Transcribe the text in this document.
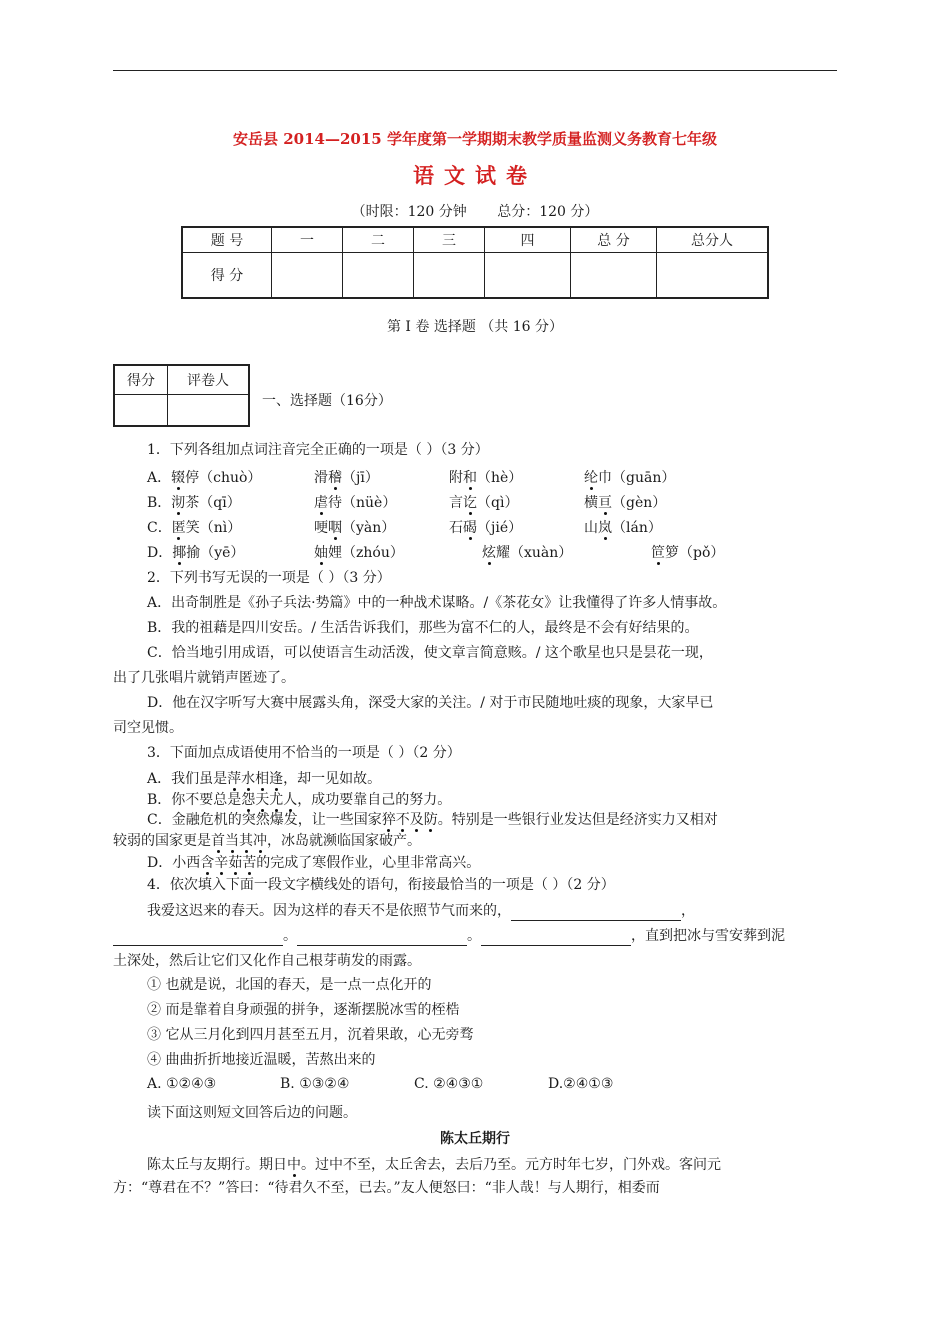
安岳县 2014—2015 学年度第一学期期末教学质量监测义务教育七年级
语文试卷
（时限：120 分钟 总分：120 分）
题 号	一	二	三	四	总 分	总分人
得 分						
第 I 卷 选择题 （共 16 分）
得分	评卷人

一、选择题（16分）
1．下列各组加点词注音完全正确的一项是（ ）（3 分）
A．辍停（chuò）	滑稽（jī）	附和（hè）	纶巾（guān）
B．沏茶（qī）	虐待（nüè）	言讫（qì）	横亘（gèn）
C．匿笑（nì）	哽咽（yàn）	石碣（jié）	山岚（lán）
D．揶揄（yē）	妯娌（zhóu）	炫耀（xuàn）	笸箩（pǒ）
2．下列书写无误的一项是（ ）（3 分）
A．出奇制胜是《孙子兵法·势篇》中的一种战术谋略。/《茶花女》让我懂得了许多人情事故。
B．我的祖藉是四川安岳。/ 生活告诉我们，那些为富不仁的人，最终是不会有好结果的。
C．恰当地引用成语，可以使语言生动活泼，使文章言简意赅。/ 这个歌星也只是昙花一现，
出了几张唱片就销声匿迹了。
D．他在汉字听写大赛中展露头角，深受大家的关注。/ 对于市民随地吐痰的现象，大家早已
司空见惯。
3．下面加点成语使用不恰当的一项是（ ）（2 分）
A．我们虽是萍水相逢，却一见如故。
B．你不要总是怨天尤人，成功要靠自己的努力。
C．金融危机的突然爆发，让一些国家猝不及防。特别是一些银行业发达但是经济实力又相对
较弱的国家更是首当其冲，冰岛就濒临国家破产。
D．小西含辛茹苦的完成了寒假作业，心里非常高兴。
4．依次填入下面一段文字横线处的语句，衔接最恰当的一项是（ ）（2 分）
我爱这迟来的春天。因为这样的春天不是依照节气而来的，	，
。	。	，直到把冰与雪安葬到泥
土深处，然后让它们又化作自己根芽萌发的雨露。
① 也就是说，北国的春天，是一点一点化开的
② 而是靠着自身顽强的拼争，逐渐摆脱冰雪的桎梏
③ 它从三月化到四月甚至五月，沉着果敢，心无旁骛
④ 曲曲折折地接近温暖，苦熬出来的
A. ①②④③	B. ①③②④	C. ②④③①	D.②④①③
读下面这则短文回答后边的问题。
陈太丘期行
陈太丘与友期行。期日中。过中不至，太丘舍去，去后乃至。元方时年七岁，门外戏。客问元
方：“尊君在不？”答曰：“待君久不至，已去。”友人便怒曰：“非人哉！与人期行，相委而
